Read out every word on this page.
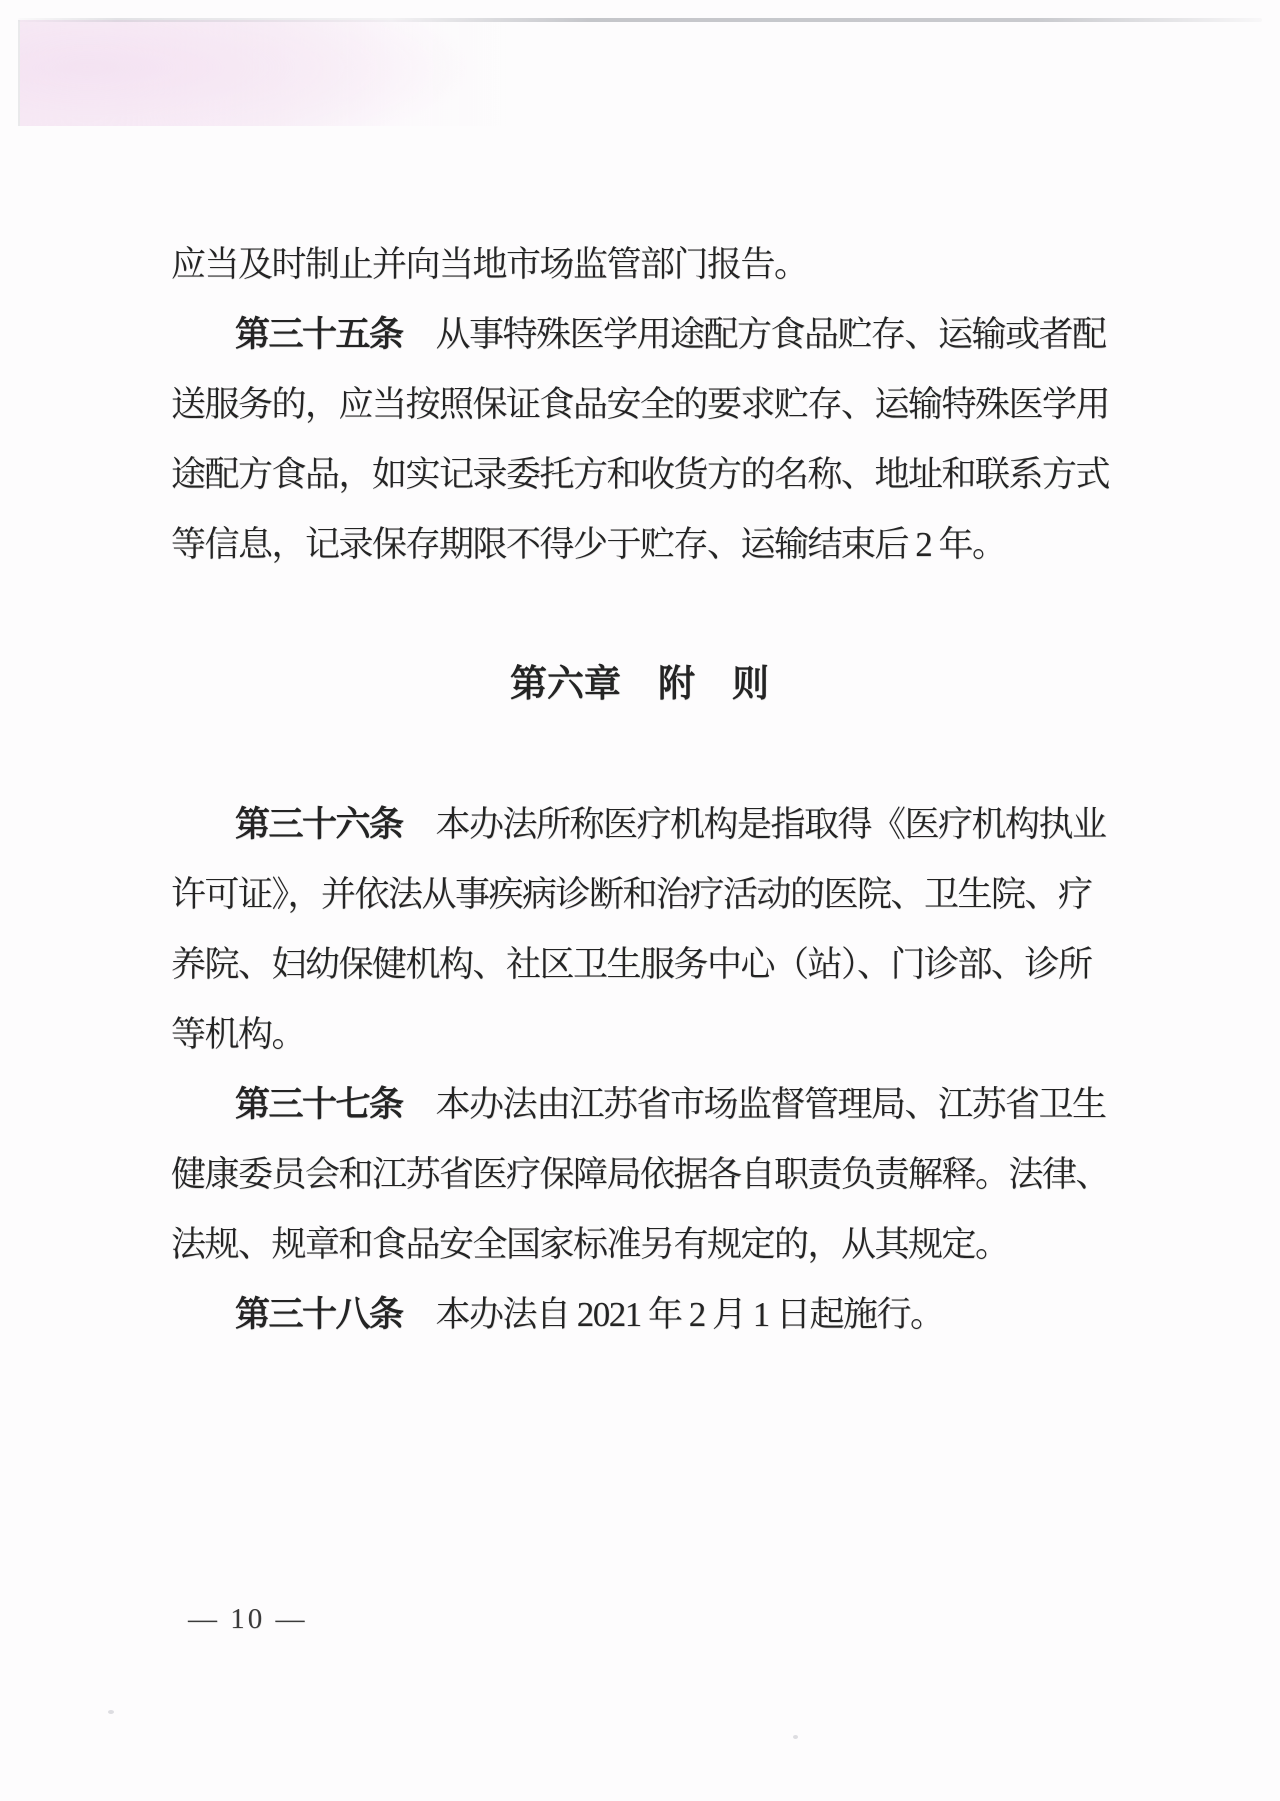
应当及时制止并向当地市场监管部门报告。
第三十五条 从事特殊医学用途配方食品贮存、运输或者配
送服务的，应当按照保证食品安全的要求贮存、运输特殊医学用
途配方食品，如实记录委托方和收货方的名称、地址和联系方式
等信息，记录保存期限不得少于贮存、运输结束后 2 年。
第六章　附　则
第三十六条 本办法所称医疗机构是指取得《医疗机构执业
许可证》，并依法从事疾病诊断和治疗活动的医院、卫生院、疗
养院、妇幼保健机构、社区卫生服务中心（站）、门诊部、诊所
等机构。
第三十七条 本办法由江苏省市场监督管理局、江苏省卫生
健康委员会和江苏省医疗保障局依据各自职责负责解释。法律、
法规、规章和食品安全国家标准另有规定的，从其规定。
第三十八条 本办法自 2021 年 2 月 1 日起施行。
— 10 —
